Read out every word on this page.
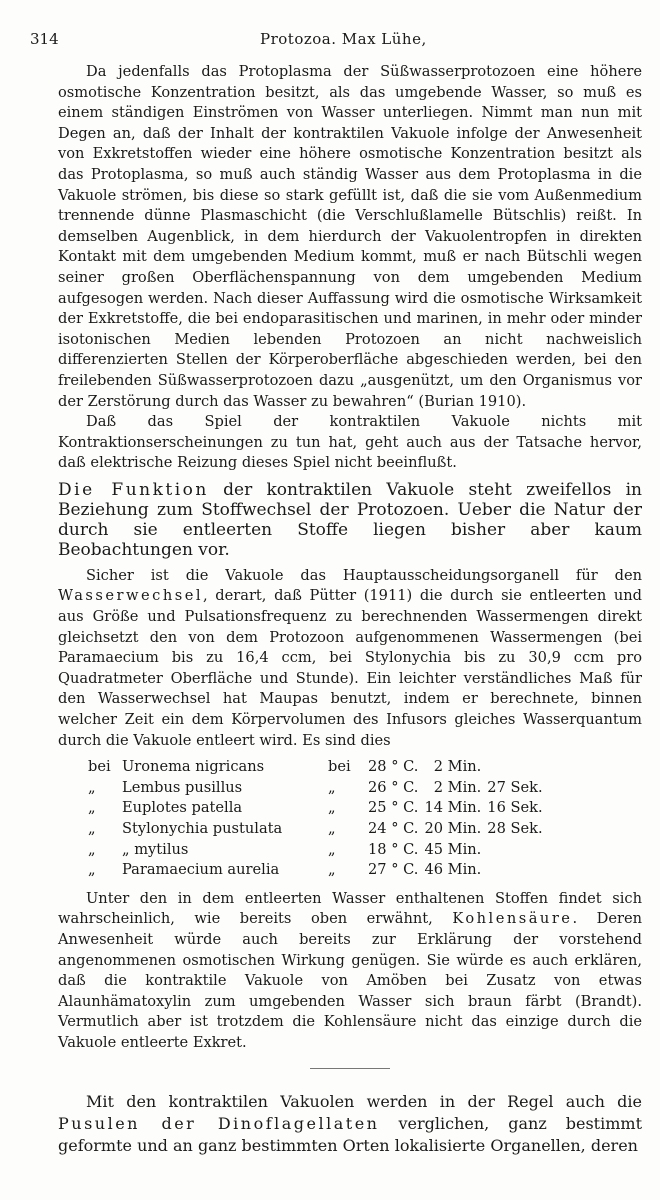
314	Protozoa. Max Lühe,

Da jedenfalls das Protoplasma der Süßwasserprotozoen eine höhere osmotische Konzentration besitzt, als das umgebende Wasser, so muß es einem ständigen Einströmen von Wasser unterliegen. Nimmt man nun mit Degen an, daß der Inhalt der kontraktilen Vakuole infolge der Anwesenheit von Exkretstoffen wieder eine höhere osmotische Konzentration besitzt als das Protoplasma, so muß auch ständig Wasser aus dem Protoplasma in die Vakuole strömen, bis diese so stark gefüllt ist, daß die sie vom Außenmedium trennende dünne Plasmaschicht (die Verschlußlamelle Bütschlis) reißt. In demselben Augenblick, in dem hierdurch der Vakuolentropfen in direkten Kontakt mit dem umgebenden Medium kommt, muß er nach Bütschli wegen seiner großen Oberflächenspannung von dem umgebenden Medium aufgesogen werden. Nach dieser Auffassung wird die osmotische Wirksamkeit der Exkretstoffe, die bei endoparasitischen und marinen, in mehr oder minder isotonischen Medien lebenden Protozoen an nicht nachweislich differenzierten Stellen der Körperoberfläche abgeschieden werden, bei den freilebenden Süßwasserprotozoen dazu „ausgenützt, um den Organismus vor der Zerstörung durch das Wasser zu bewahren“ (Burian 1910).

Daß das Spiel der kontraktilen Vakuole nichts mit Kontraktionserscheinungen zu tun hat, geht auch aus der Tatsache hervor, daß elektrische Reizung dieses Spiel nicht beeinflußt.

Die Funktion der kontraktilen Vakuole steht zweifellos in Beziehung zum Stoffwechsel der Protozoen. Ueber die Natur der durch sie entleerten Stoffe liegen bisher aber kaum Beobachtungen vor.

Sicher ist die Vakuole das Hauptausscheidungsorganell für den Wasserwechsel, derart, daß Pütter (1911) die durch sie entleerten und aus Größe und Pulsationsfrequenz zu berechnenden Wassermengen direkt gleichsetzt den von dem Protozoon aufgenommenen Wassermengen (bei Paramaecium bis zu 16,4 ccm, bei Stylonychia bis zu 30,9 ccm pro Quadratmeter Oberfläche und Stunde). Ein leichter verständliches Maß für den Wasserwechsel hat Maupas benutzt, indem er berechnete, binnen welcher Zeit ein dem Körpervolumen des Infusors gleiches Wasserquantum durch die Vakuole entleert wird. Es sind dies

bei	Uronema nigricans	bei	28 ° C.	2 Min.	
„	Lembus pusillus	„	26 ° C.	2 Min.	27 Sek.
„	Euplotes patella	„	25 ° C.	14 Min.	16 Sek.
„	Stylonychia pustulata	„	24 ° C.	20 Min.	28 Sek.
„	„ mytilus	„	18 ° C.	45 Min.	
„	Paramaecium aurelia	„	27 ° C.	46 Min.	

Unter den in dem entleerten Wasser enthaltenen Stoffen findet sich wahrscheinlich, wie bereits oben erwähnt, Kohlensäure. Deren Anwesenheit würde auch bereits zur Erklärung der vorstehend angenommenen osmotischen Wirkung genügen. Sie würde es auch erklären, daß die kontraktile Vakuole von Amöben bei Zusatz von etwas Alaunhämatoxylin zum umgebenden Wasser sich braun färbt (Brandt). Vermutlich aber ist trotzdem die Kohlensäure nicht das einzige durch die Vakuole entleerte Exkret.

Mit den kontraktilen Vakuolen werden in der Regel auch die Pusulen der Dinoflagellaten verglichen, ganz bestimmt geformte und an ganz bestimmten Orten lokalisierte Organellen, deren
